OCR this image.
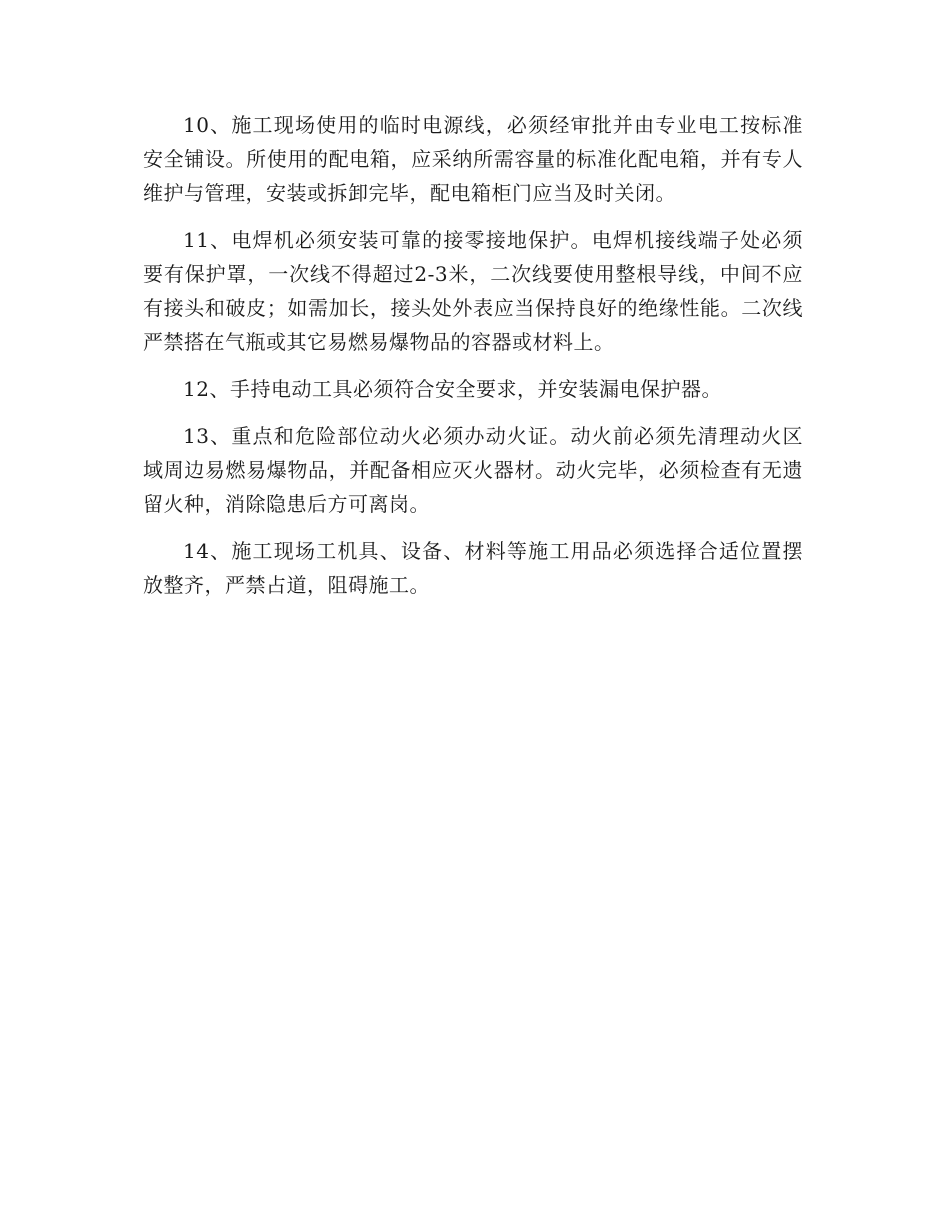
10、施工现场使用的临时电源线，必须经审批并由专业电工按标准安全铺设。所使用的配电箱，应采纳所需容量的标准化配电箱，并有专人维护与管理，安装或拆卸完毕，配电箱柜门应当及时关闭。

11、电焊机必须安装可靠的接零接地保护。电焊机接线端子处必须要有保护罩，一次线不得超过2-3米，二次线要使用整根导线，中间不应有接头和破皮；如需加长，接头处外表应当保持良好的绝缘性能。二次线严禁搭在气瓶或其它易燃易爆物品的容器或材料上。

12、手持电动工具必须符合安全要求，并安装漏电保护器。

13、重点和危险部位动火必须办动火证。动火前必须先清理动火区域周边易燃易爆物品，并配备相应灭火器材。动火完毕，必须检查有无遗留火种，消除隐患后方可离岗。

14、施工现场工机具、设备、材料等施工用品必须选择合适位置摆放整齐，严禁占道，阻碍施工。
